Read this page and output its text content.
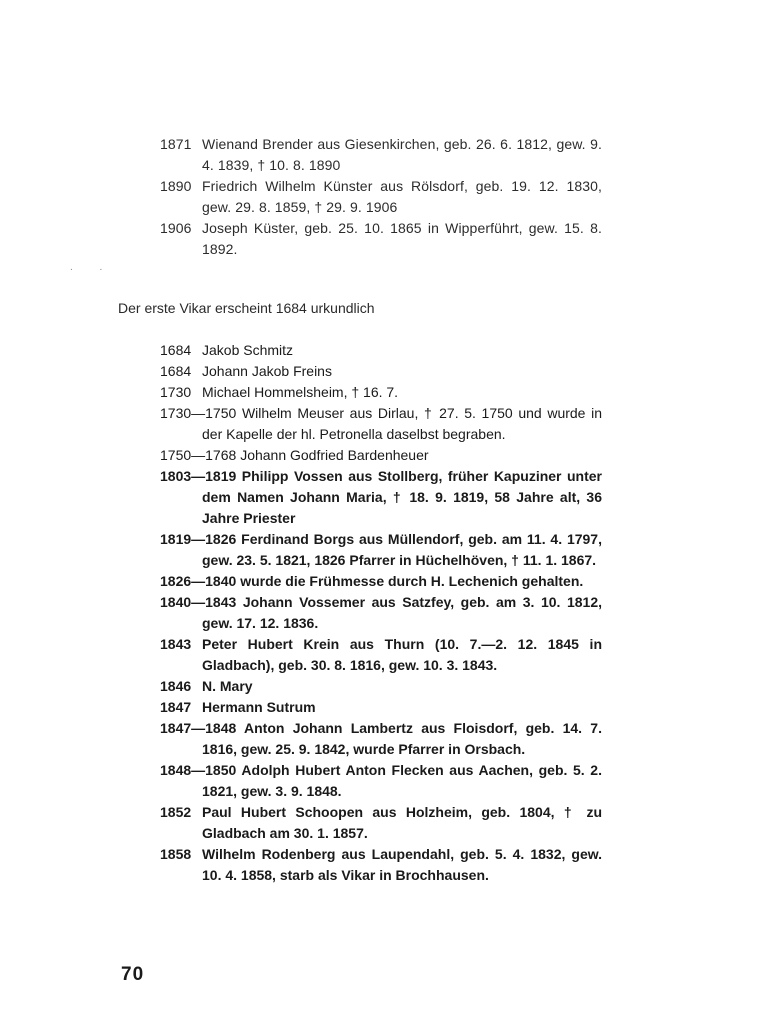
1871 Wienand Brender aus Giesenkirchen, geb. 26. 6. 1812, gew. 9. 4. 1839, † 10. 8. 1890
1890 Friedrich Wilhelm Künster aus Rölsdorf, geb. 19. 12. 1830, gew. 29. 8. 1859, † 29. 9. 1906
1906 Joseph Küster, geb. 25. 10. 1865 in Wipperführt, gew. 15. 8. 1892.
. .
Der erste Vikar erscheint 1684 urkundlich
1684 Jakob Schmitz
1684 Johann Jakob Freins
1730 Michael Hommelsheim, † 16. 7.
1730—1750 Wilhelm Meuser aus Dirlau, † 27. 5. 1750 und wurde in der Kapelle der hl. Petronella daselbst begraben.
1750—1768 Johann Godfried Bardenheuer
1803—1819 Philipp Vossen aus Stollberg, früher Kapuziner unter dem Namen Johann Maria, † 18. 9. 1819, 58 Jahre alt, 36 Jahre Priester
1819—1826 Ferdinand Borgs aus Müllendorf, geb. am 11. 4. 1797, gew. 23. 5. 1821, 1826 Pfarrer in Hüchelhöven, † 11. 1. 1867.
1826—1840 wurde die Frühmesse durch H. Lechenich gehalten.
1840—1843 Johann Vossemer aus Satzfey, geb. am 3. 10. 1812, gew. 17. 12. 1836.
1843 Peter Hubert Krein aus Thurn (10. 7.—2. 12. 1845 in Gladbach), geb. 30. 8. 1816, gew. 10. 3. 1843.
1846 N. Mary
1847 Hermann Sutrum
1847—1848 Anton Johann Lambertz aus Floisdorf, geb. 14. 7. 1816, gew. 25. 9. 1842, wurde Pfarrer in Orsbach.
1848—1850 Adolph Hubert Anton Flecken aus Aachen, geb. 5. 2. 1821, gew. 3. 9. 1848.
1852 Paul Hubert Schoopen aus Holzheim, geb. 1804, † zu Gladbach am 30. 1. 1857.
1858 Wilhelm Rodenberg aus Laupendahl, geb. 5. 4. 1832, gew. 10. 4. 1858, starb als Vikar in Brochhausen.
70
